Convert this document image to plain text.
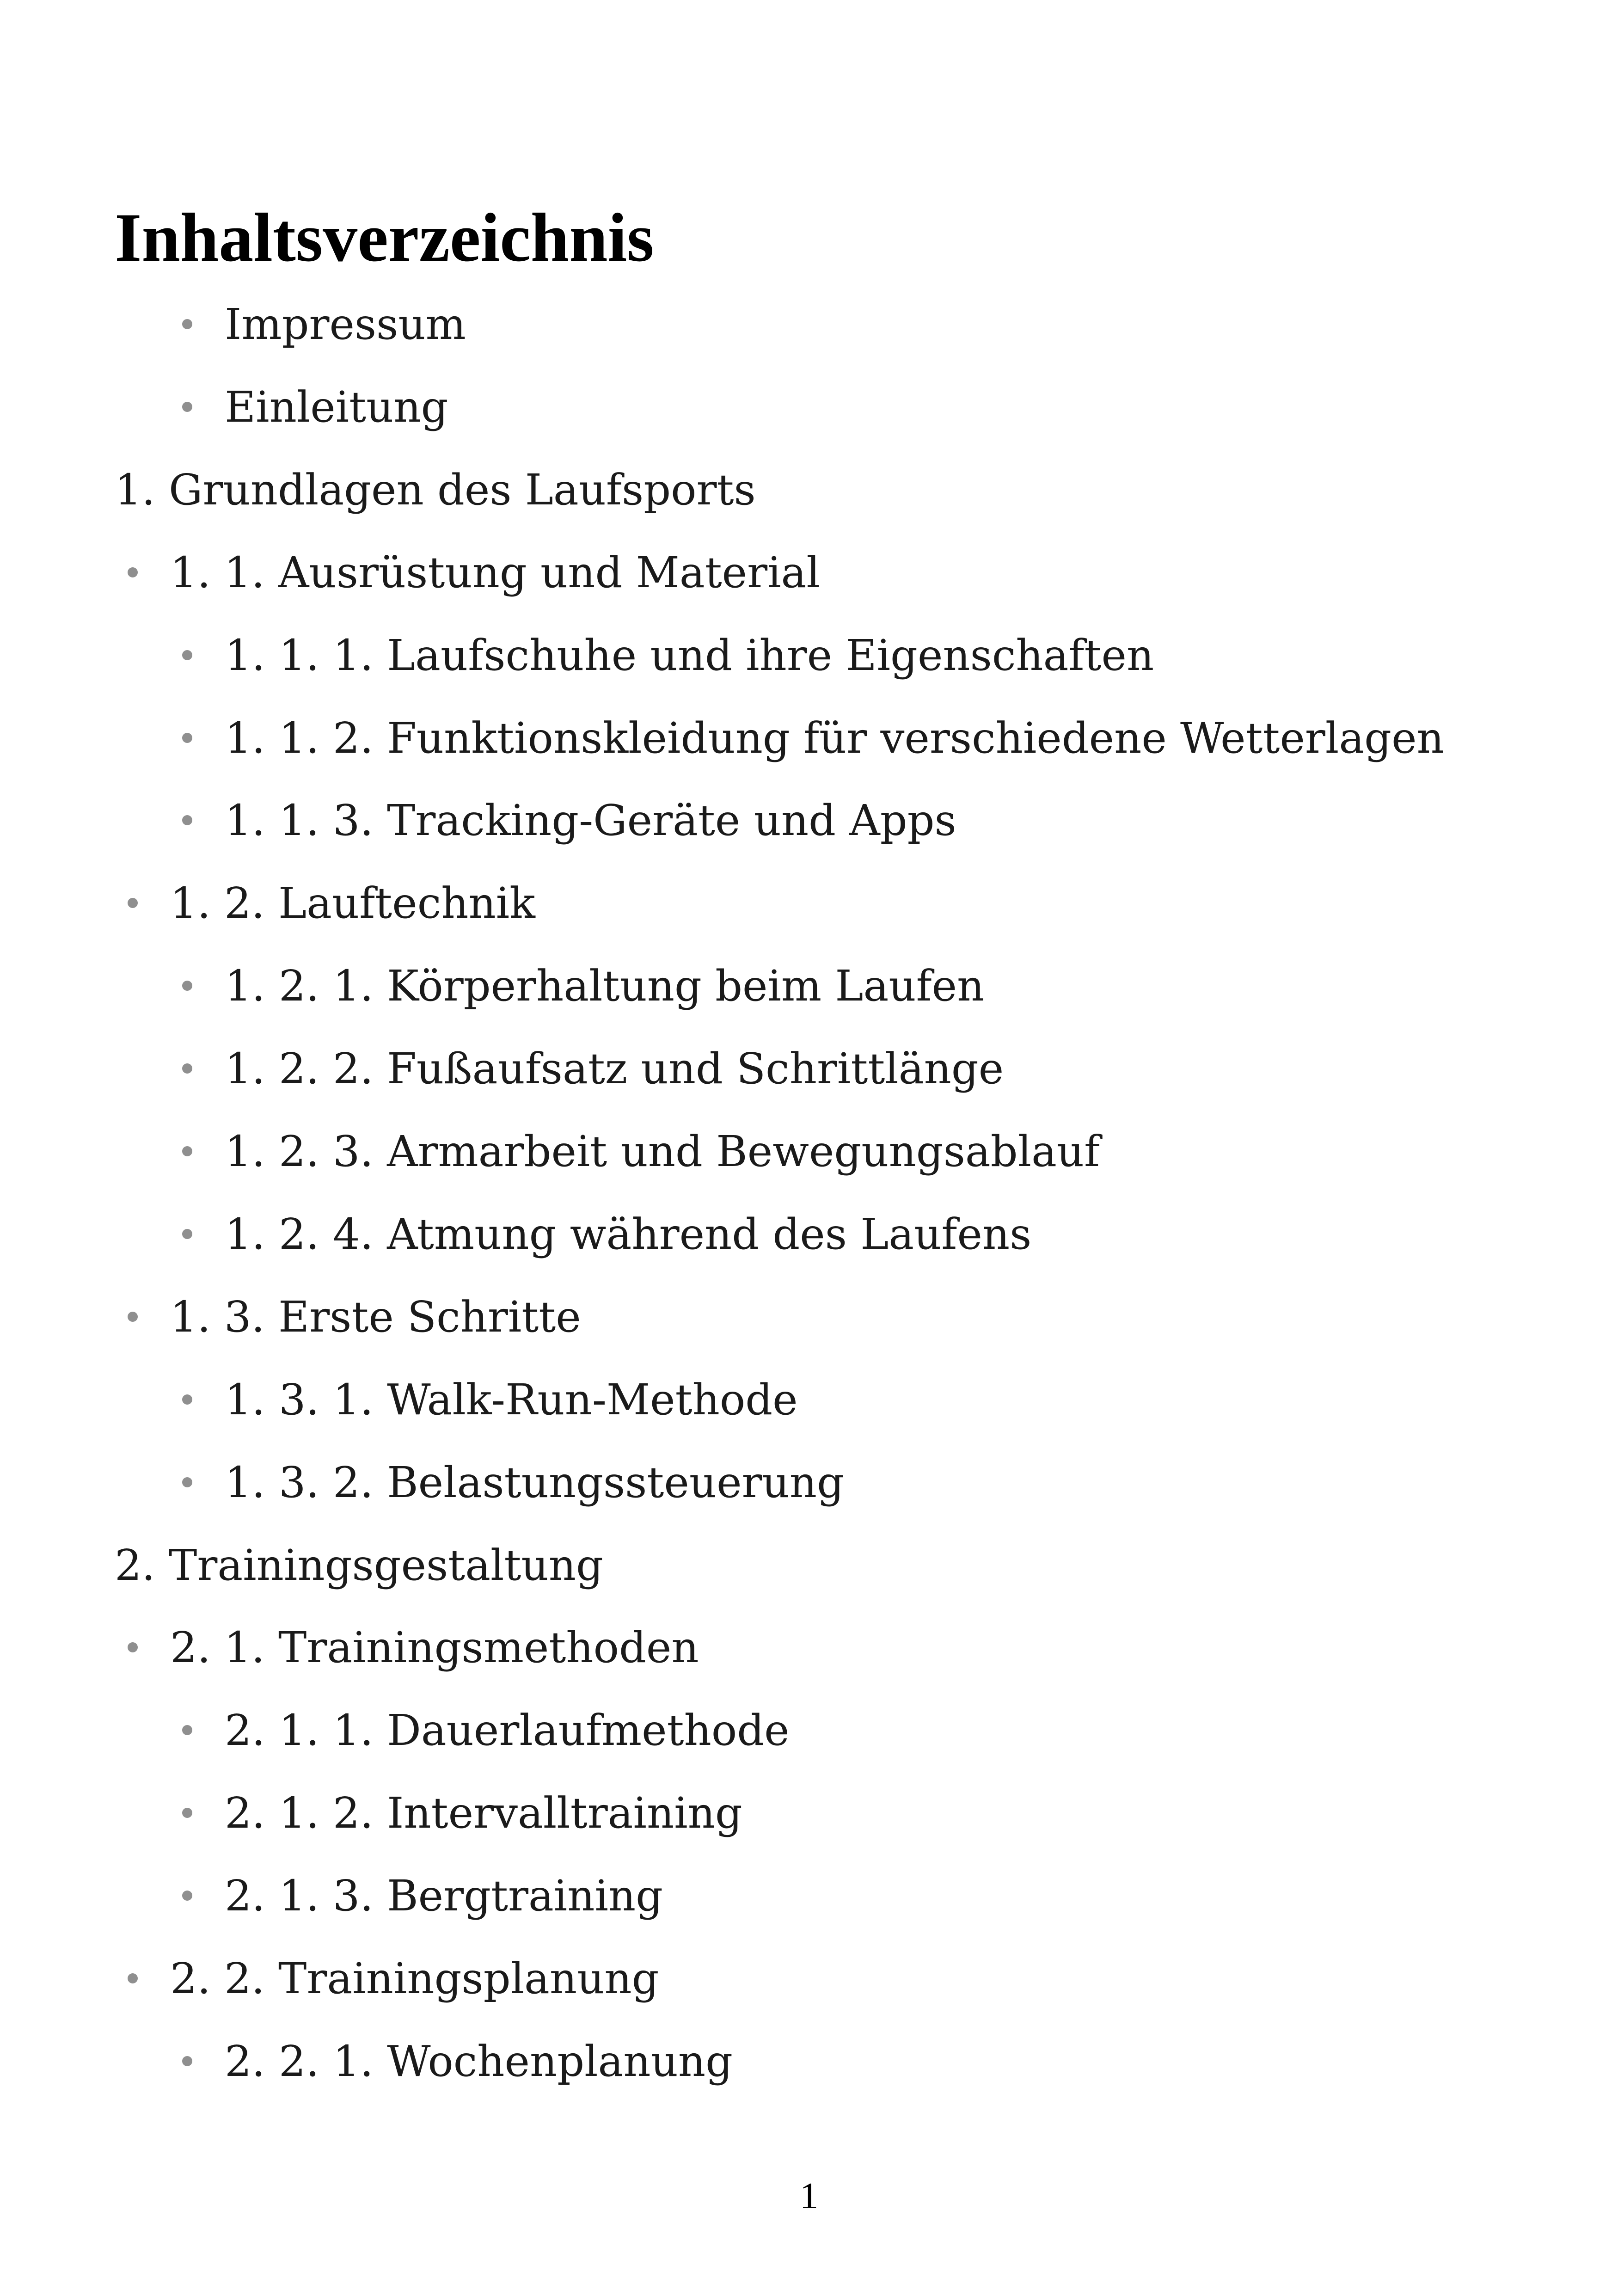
Inhaltsverzeichnis
Impressum
Einleitung
1. Grundlagen des Laufsports
1. 1. Ausrüstung und Material
1. 1. 1. Laufschuhe und ihre Eigenschaften
1. 1. 2. Funktionskleidung für verschiedene Wetterlagen
1. 1. 3. Tracking-Geräte und Apps
1. 2. Lauftechnik
1. 2. 1. Körperhaltung beim Laufen
1. 2. 2. Fußaufsatz und Schrittlänge
1. 2. 3. Armarbeit und Bewegungsablauf
1. 2. 4. Atmung während des Laufens
1. 3. Erste Schritte
1. 3. 1. Walk-Run-Methode
1. 3. 2. Belastungssteuerung
2. Trainingsgestaltung
2. 1. Trainingsmethoden
2. 1. 1. Dauerlaufmethode
2. 1. 2. Intervalltraining
2. 1. 3. Bergtraining
2. 2. Trainingsplanung
2. 2. 1. Wochenplanung
1
